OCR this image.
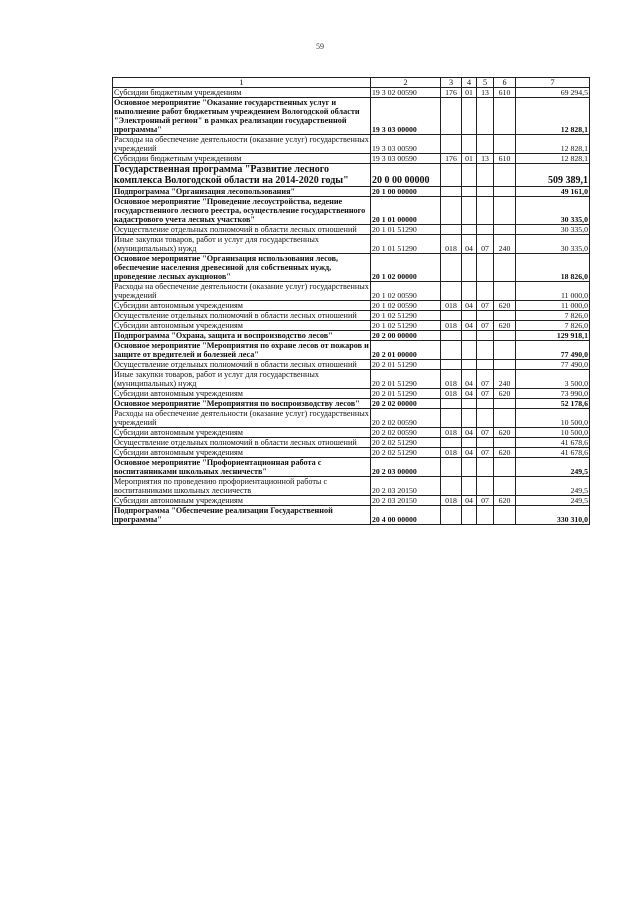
59
1	2	3	4	5	6	7
Субсидии бюджетным учреждениям	19 3 02 00590	176	01	13	610	69 294,5
Основное мероприятие "Оказание государственных услуг и выполнение работ бюджетным учреждением Вологодской области "Электронный регион" в рамках реализации государственной программы"	19 3 03 00000					12 828,1
Расходы на обеспечение деятельности (оказание услуг) государственных учреждений	19 3 03 00590					12 828,1
Субсидии бюджетным учреждениям	19 3 03 00590	176	01	13	610	12 828,1
Государственная программа "Развитие лесного комплекса Вологодской области на 2014-2020 годы"	20 0 00 00000					509 389,1
Подпрограмма "Организация лесопользования"	20 1 00 00000					49 161,0
Основное мероприятие "Проведение лесоустройства, ведение государственного лесного реестра, осуществление государственного кадастрового учета лесных участков"	20 1 01 00000					30 335,0
Осуществление отдельных полномочий в области лесных отношений	20 1 01 51290					30 335,0
Иные закупки товаров, работ и услуг для государственных (муниципальных) нужд	20 1 01 51290	018	04	07	240	30 335,0
Основное мероприятие "Организация использования лесов, обеспечение населения древесиной для собственных нужд, проведение лесных аукционов"	20 1 02 00000					18 826,0
Расходы на обеспечение деятельности (оказание услуг) государственных учреждений	20 1 02 00590					11 000,0
Субсидии автономным учреждениям	20 1 02 00590	018	04	07	620	11 000,0
Осуществление отдельных полномочий в области лесных отношений	20 1 02 51290					7 826,0
Субсидии автономным учреждениям	20 1 02 51290	018	04	07	620	7 826,0
Подпрограмма "Охрана, защита и воспроизводство лесов"	20 2 00 00000					129 918,1
Основное мероприятие "Мероприятия по охране лесов от пожаров и защите от вредителей и болезней леса"	20 2 01 00000					77 490,0
Осуществление отдельных полномочий в области лесных отношений	20 2 01 51290					77 490,0
Иные закупки товаров, работ и услуг для государственных (муниципальных) нужд	20 2 01 51290	018	04	07	240	3 500,0
Субсидии автономным учреждениям	20 2 01 51290	018	04	07	620	73 990,0
Основное мероприятие "Мероприятия по воспроизводству лесов"	20 2 02 00000					52 178,6
Расходы на обеспечение деятельности (оказание услуг) государственных учреждений	20 2 02 00590					10 500,0
Субсидии автономным учреждениям	20 2 02 00590	018	04	07	620	10 500,0
Осуществление отдельных полномочий в области лесных отношений	20 2 02 51290					41 678,6
Субсидии автономным учреждениям	20 2 02 51290	018	04	07	620	41 678,6
Основное мероприятие "Профориентационная работа с воспитанниками школьных лесничеств"	20 2 03 00000					249,5
Мероприятия по проведению профориентационной работы с воспитанниками школьных лесничеств	20 2 03 20150					249,5
Субсидии автономным учреждениям	20 2 03 20150	018	04	07	620	249,5
Подпрограмма "Обеспечение реализации Государственной программы"	20 4 00 00000					330 310,0
